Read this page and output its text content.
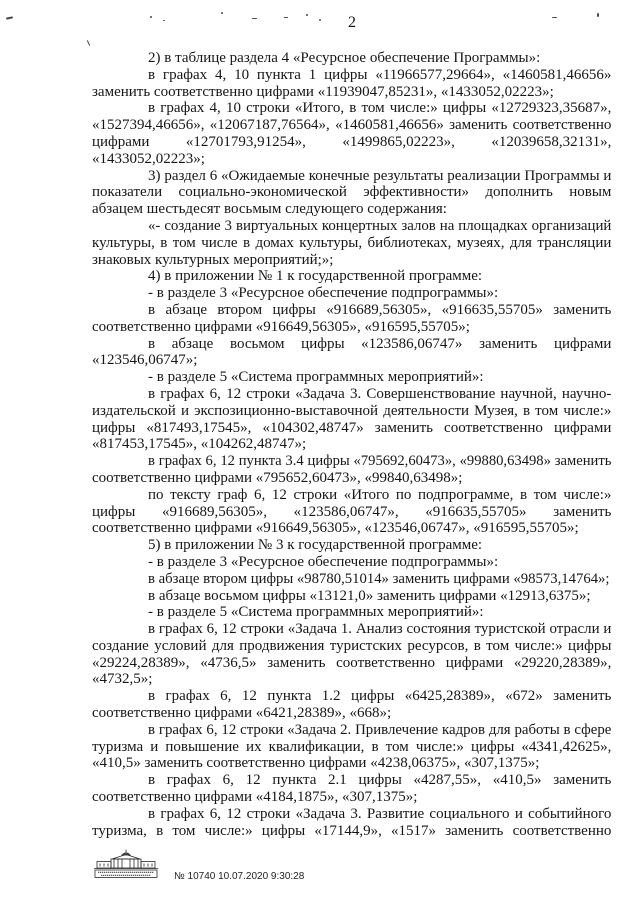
2
2) в таблице раздела 4 «Ресурсное обеспечение Программы»:
в графах 4, 10 пункта 1 цифры «11966577,29664», «1460581,46656»
заменить соответственно цифрами «11939047,85231», «1433052,02223»;
в графах 4, 10 строки «Итого, в том числе:» цифры «12729323,35687»,
«1527394,46656», «12067187,76564», «1460581,46656» заменить соответственно
цифрами «12701793,91254», «1499865,02223», «12039658,32131»,
«1433052,02223»;
3) раздел 6 «Ожидаемые конечные результаты реализации Программы и
показатели социально-экономической эффективности» дополнить новым
абзацем шестьдесят восьмым следующего содержания:
«- создание 3 виртуальных концертных залов на площадках организаций
культуры, в том числе в домах культуры, библиотеках, музеях, для трансляции
знаковых культурных мероприятий;»;
4) в приложении № 1 к государственной программе:
- в разделе 3 «Ресурсное обеспечение подпрограммы»:
в абзаце втором цифры «916689,56305», «916635,55705» заменить
соответственно цифрами «916649,56305», «916595,55705»;
в абзаце восьмом цифры «123586,06747» заменить цифрами
«123546,06747»;
- в разделе 5 «Система программных мероприятий»:
в графах 6, 12 строки «Задача 3. Совершенствование научной, научно-
издательской и экспозиционно-выставочной деятельности Музея, в том числе:»
цифры «817493,17545», «104302,48747» заменить соответственно цифрами
«817453,17545», «104262,48747»;
в графах 6, 12 пункта 3.4 цифры «795692,60473», «99880,63498» заменить
соответственно цифрами «795652,60473», «99840,63498»;
по тексту граф 6, 12 строки «Итого по подпрограмме, в том числе:»
цифры «916689,56305», «123586,06747», «916635,55705» заменить
соответственно цифрами «916649,56305», «123546,06747», «916595,55705»;
5) в приложении № 3 к государственной программе:
- в разделе 3 «Ресурсное обеспечение подпрограммы»:
в абзаце втором цифры «98780,51014» заменить цифрами «98573,14764»;
в абзаце восьмом цифры «13121,0» заменить цифрами «12913,6375»;
- в разделе 5 «Система программных мероприятий»:
в графах 6, 12 строки «Задача 1. Анализ состояния туристской отрасли и
создание условий для продвижения туристских ресурсов, в том числе:» цифры
«29224,28389», «4736,5» заменить соответственно цифрами «29220,28389»,
«4732,5»;
в графах 6, 12 пункта 1.2 цифры «6425,28389», «672» заменить
соответственно цифрами «6421,28389», «668»;
в графах 6, 12 строки «Задача 2. Привлечение кадров для работы в сфере
туризма и повышение их квалификации, в том числе:» цифры «4341,42625»,
«410,5» заменить соответственно цифрами «4238,06375», «307,1375»;
в графах 6, 12 пункта 2.1 цифры «4287,55», «410,5» заменить
соответственно цифрами «4184,1875», «307,1375»;
в графах 6, 12 строки «Задача 3. Развитие социального и событийного
туризма, в том числе:» цифры «17144,9», «1517» заменить соответственно
№ 10740 10.07.2020 9:30:28
